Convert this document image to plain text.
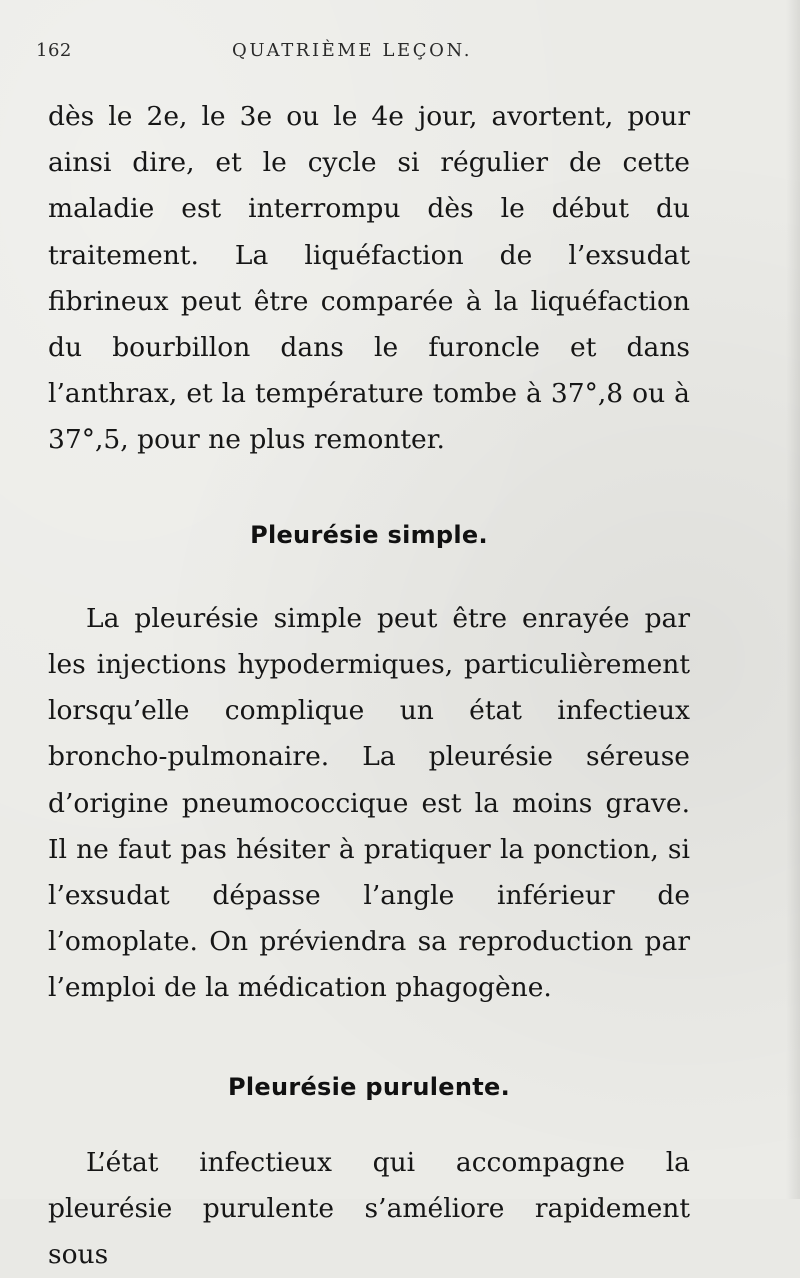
162	QUATRIÈME LEÇON.

dès le 2e, le 3e ou le 4e jour, avortent, pour ainsi dire, et le cycle si régulier de cette maladie est interrompu dès le début du traitement. La liquéfaction de l’exsudat fibrineux peut être comparée à la liquéfaction du bourbillon dans le furoncle et dans l’anthrax, et la température tombe à 37°,8 ou à 37°,5, pour ne plus remonter.

Pleurésie simple.

La pleurésie simple peut être enrayée par les injections hypodermiques, particulièrement lorsqu’elle complique un état infectieux broncho-pulmonaire. La pleurésie séreuse d’origine pneumococcique est la moins grave. Il ne faut pas hésiter à pratiquer la ponction, si l’exsudat dépasse l’angle inférieur de l’omoplate. On préviendra sa reproduction par l’emploi de la médication phagogène.

Pleurésie purulente.

L’état infectieux qui accompagne la pleurésie purulente s’améliore rapidement sous
